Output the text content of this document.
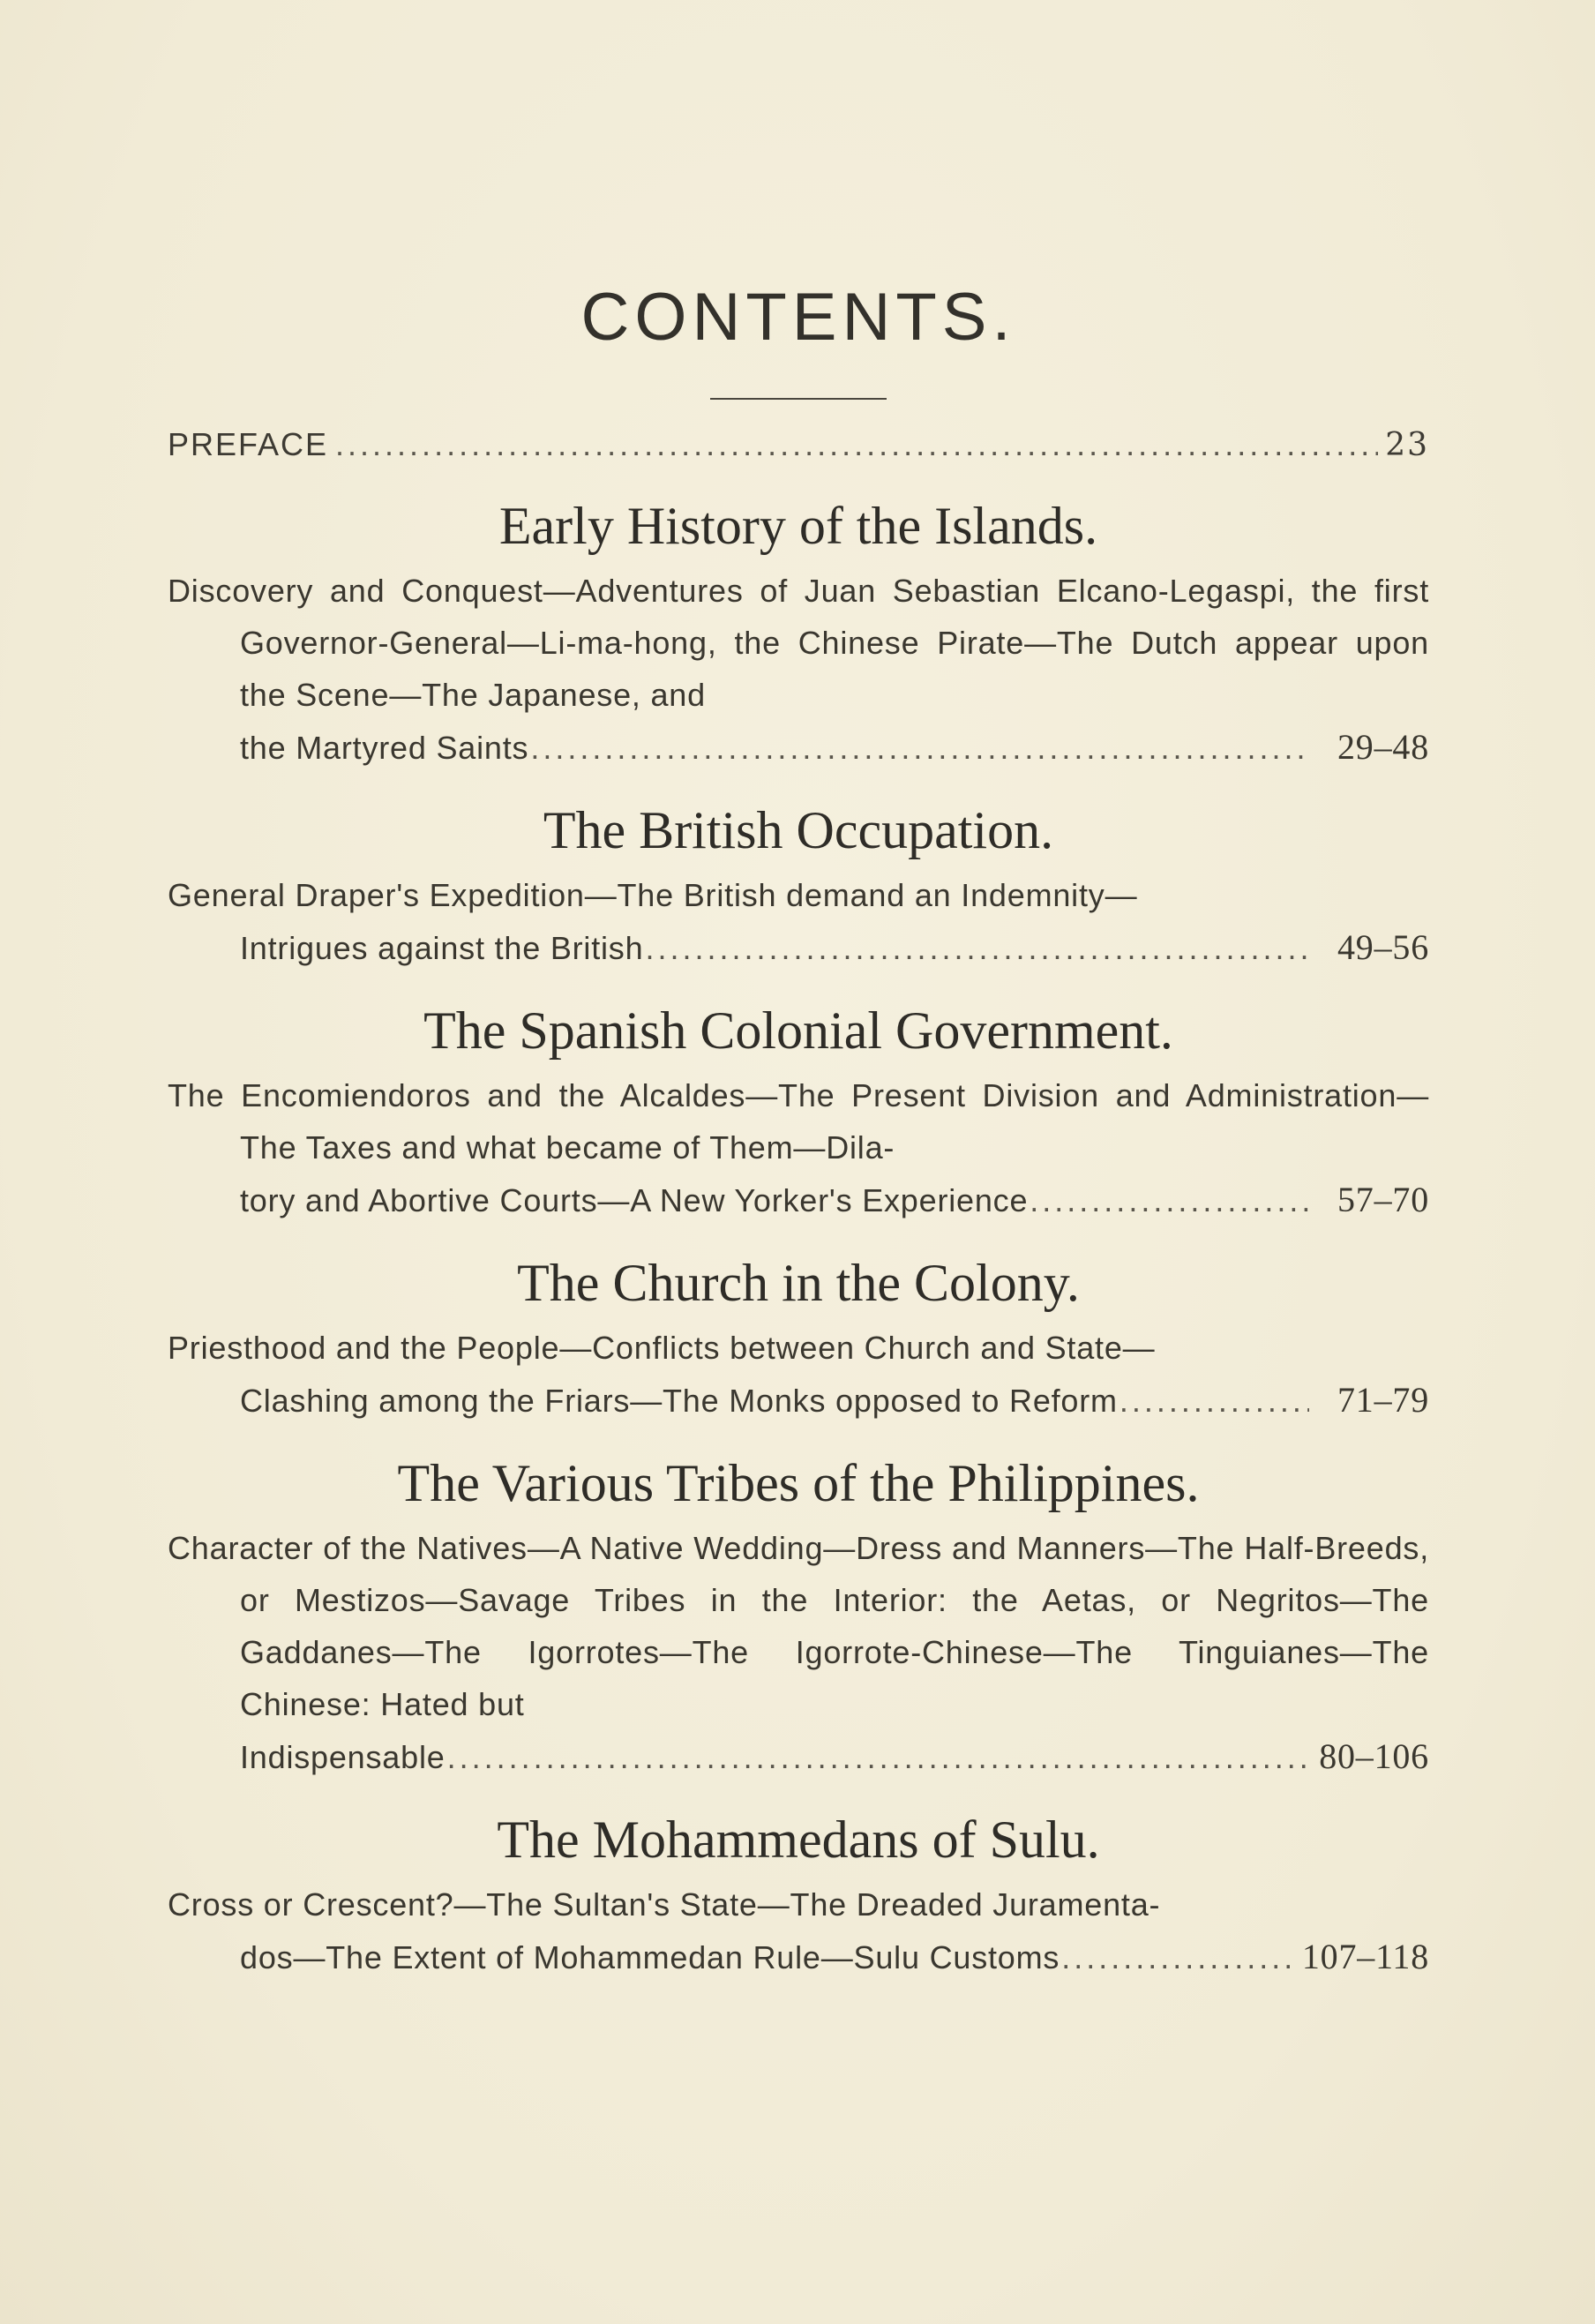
CONTENTS.
PREFACE .....	23
Early History of the Islands.
Discovery and Conquest—Adventures of Juan Sebastian Elcano-Legaspi, the first Governor-General—Li-ma-hong, the Chinese Pirate—The Dutch appear upon the Scene—The Japanese, and
the Martyred Saints .....	29–48
The British Occupation.
General Draper's Expedition—The British demand an Indemnity—
Intrigues against the British .....	49–56
The Spanish Colonial Government.
The Encomiendoros and the Alcaldes—The Present Division and Administration—The Taxes and what became of Them—Dila-
tory and Abortive Courts—A New Yorker's Experience .....	57–70
The Church in the Colony.
Priesthood and the People—Conflicts between Church and State—
Clashing among the Friars—The Monks opposed to Reform .....	71–79
The Various Tribes of the Philippines.
Character of the Natives—A Native Wedding—Dress and Manners—The Half-Breeds, or Mestizos—Savage Tribes in the Interior: the Aetas, or Negritos—The Gaddanes—The Igorrotes—The Igorrote-Chinese—The Tinguianes—The Chinese: Hated but
Indispensable .....	80–106
The Mohammedans of Sulu.
Cross or Crescent?—The Sultan's State—The Dreaded Juramenta-
dos—The Extent of Mohammedan Rule—Sulu Customs .....	107–118
